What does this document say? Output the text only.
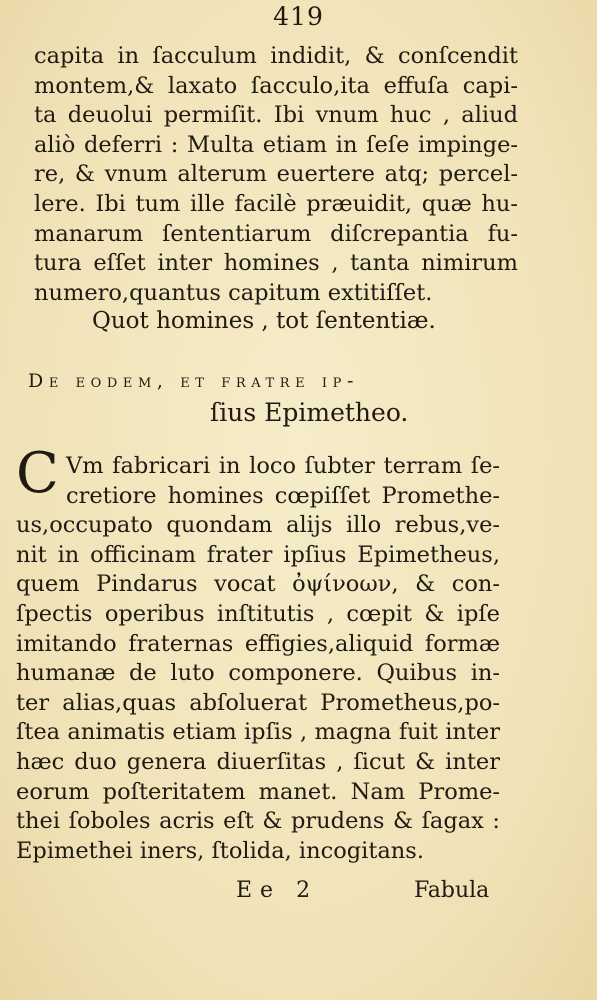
419
capita in ſacculum indidit, & conſcendit
montem,& laxato ſacculo,ita effuſa capi-
ta deuolui permiſit. Ibi vnum huc , aliud
aliò deferri : Multa etiam in ſeſe impinge-
re, & vnum alterum euertere atq; percel-
lere. Ibi tum ille facilè præuidit, quæ hu-
manarum ſententiarum diſcrepantia fu-
tura eſſet inter homines , tanta nimirum
numero,quantus capitum extitiſſet.
Quot homines , tot ſententiæ.
De eodem, et fratre ip-
ſius Epimetheo.
C Vm fabricari in loco ſubter terram ſe-
cretiore homines cœpiſſet Promethe-
us,occupato quondam alijs illo rebus,ve-
nit in officinam frater ipſius Epimetheus,
quem Pindarus vocat ὀψίνοων, & con-
ſpectis operibus inſtitutis , cœpit & ipſe
imitando fraternas effigies,aliquid formæ
humanæ de luto componere. Quibus in-
ter alias,quas abſoluerat Prometheus,po-
ſtea animatis etiam ipſis , magna fuit inter
hæc duo genera diuerſitas , ſicut & inter
eorum poſteritatem manet. Nam Prome-
thei ſoboles acris eſt & prudens & ſagax :
Epimethei iners, ſtolida, incogitans.
Ee 2	Fabula
